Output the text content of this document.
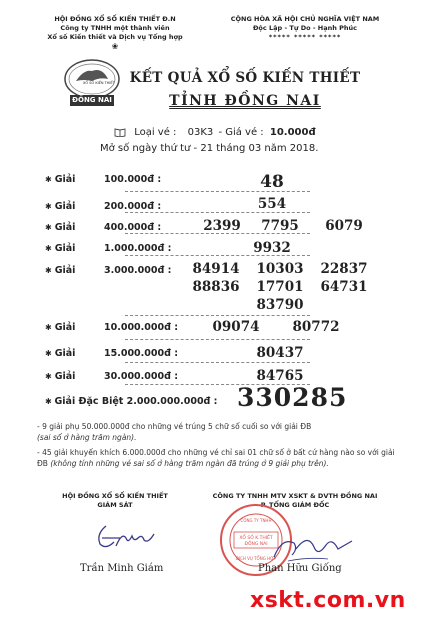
HỘI ĐỒNG XỔ SỐ KIẾN THIẾT Đ.N
Công ty TNHH một thành viên
Xổ số Kiến thiết và Dịch vụ Tổng hợp
❀
CỘNG HÒA XÃ HỘI CHỦ NGHĨA VIỆT NAM
Độc Lập - Tự Do - Hạnh Phúc
***** ***** *****
XỔ SỐ KIẾN THIẾT
ĐỒNG NAI
KẾT QUẢ XỔ SỐ KIẾN THIẾT
TỈNH ĐỒNG NAI
Loại vé : 03K3 - Giá vé : 10.000đ
Mở số ngày thứ tư - 21 tháng 03 năm 2018.
✱ Giải	100.000đ :	48
✱ Giải	200.000đ :	554
✱ Giải	400.000đ :	2399 7795 6079
✱ Giải	1.000.000đ :	9932
✱ Giải	3.000.000đ : 84914 10303 22837
88836 17701 64731
83790
✱ Giải	10.000.000đ :	09074 80772
✱ Giải	15.000.000đ :	80437
✱ Giải	30.000.000đ :	84765
✱ Giải Đặc Biệt 2.000.000.000đ : 330285
- 9 giải phụ 50.000.000đ cho những vé trúng 5 chữ số cuối so với giải ĐB
(sai số ở hàng trăm ngàn).
- 45 giải khuyến khích 6.000.000đ cho những vé chỉ sai 01 chữ số ở bất cứ hàng nào so với giải ĐB (không tính những vé sai số ở hàng trăm ngàn đã trúng ở 9 giải phụ trên).
HỘI ĐỒNG XỔ SỐ KIẾN THIẾT
GIÁM SÁT
CÔNG TY TNHH MTV XSKT & DVTH ĐỒNG NAI
P. TỔNG GIÁM ĐỐC
XỔ SỐ K.THIẾT
ĐỒNG NAI
CÔNG TY TNHH
DỊCH VỤ TỔNG HỢP
Trần Minh Giám	Phan Hữu Giống
xskt.com.vn
